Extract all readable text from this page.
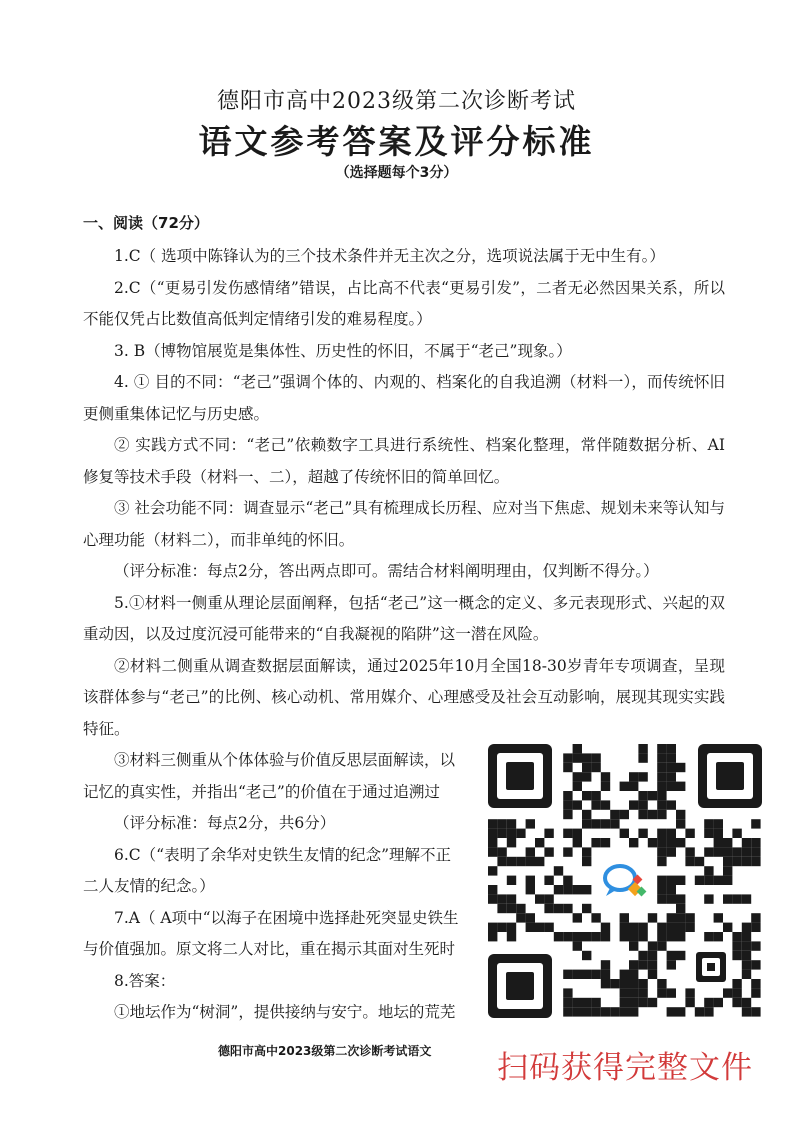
德阳市高中2023级第二次诊断考试
语文参考答案及评分标准
（选择题每个3分）
一、阅读（72分）

1.C（ 选项中陈锋认为的三个技术条件并无主次之分，选项说法属于无中生有。）

2.C（“更易引发伤感情绪”错误，占比高不代表“更易引发”，二者无必然因果关系，所以不能仅凭占比数值高低判定情绪引发的难易程度。）

3. B（博物馆展览是集体性、历史性的怀旧，不属于“老己”现象。）

4. ① 目的不同：“老己”强调个体的、内观的、档案化的自我追溯（材料一），而传统怀旧更侧重集体记忆与历史感。

② 实践方式不同：“老己”依赖数字工具进行系统性、档案化整理，常伴随数据分析、AI修复等技术手段（材料一、二），超越了传统怀旧的简单回忆。

③ 社会功能不同：调查显示“老己”具有梳理成长历程、应对当下焦虑、规划未来等认知与心理功能（材料二），而非单纯的怀旧。

（评分标准：每点2分，答出两点即可。需结合材料阐明理由，仅判断不得分。）

5.①材料一侧重从理论层面阐释，包括“老己”这一概念的定义、多元表现形式、兴起的双重动因，以及过度沉浸可能带来的“自我凝视的陷阱”这一潜在风险。

②材料二侧重从调查数据层面解读，通过2025年10月全国18-30岁青年专项调查，呈现该群体参与“老己”的比例、核心动机、常用媒介、心理感受及社会互动影响，展现其现实实践特征。

③材料三侧重从个体体验与价值反思层面解读，以

记忆的真实性，并指出“老己”的价值在于通过追溯过

（评分标准：每点2分，共6分）

6.C（“表明了余华对史铁生友情的纪念”理解不正

二人友情的纪念。）

7.A（ A项中“以海子在困境中选择赴死突显史铁生

与价值强加。原文将二人对比，重在揭示其面对生死时

8.答案：

①地坛作为“树洞”，提供接纳与安宁。地坛的荒芜

德阳市高中2023级第二次诊断考试语文	扫码获得完整文件
